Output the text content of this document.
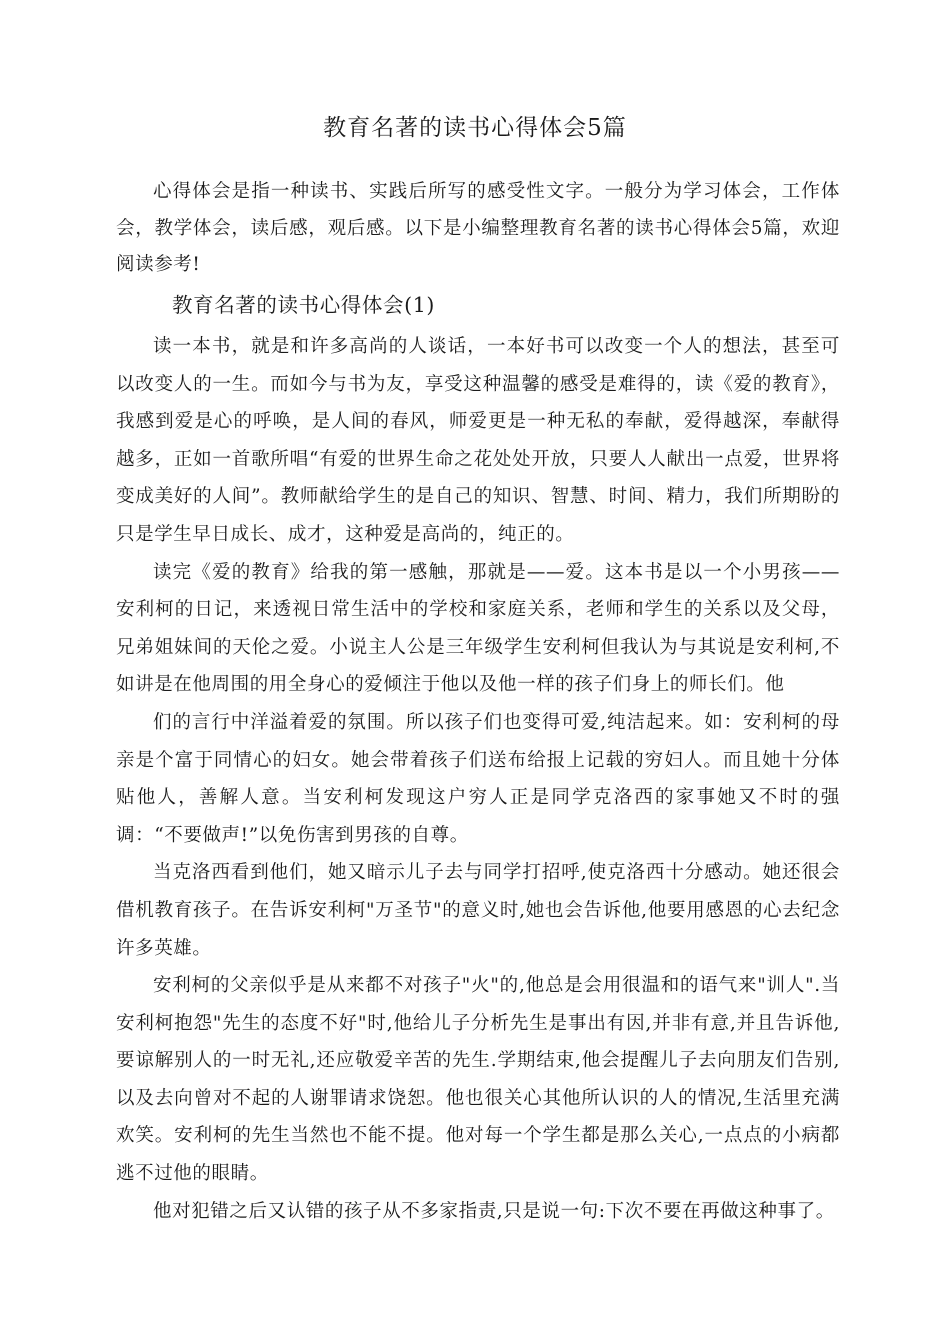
教育名著的读书心得体会5篇

心得体会是指一种读书、实践后所写的感受性文字。一般分为学习体会，工作体会，教学体会，读后感，观后感。以下是小编整理教育名著的读书心得体会5篇，欢迎阅读参考!

教育名著的读书心得体会(1)

读一本书，就是和许多高尚的人谈话，一本好书可以改变一个人的想法，甚至可以改变人的一生。而如今与书为友，享受这种温馨的感受是难得的，读《爱的教育》，我感到爱是心的呼唤，是人间的春风，师爱更是一种无私的奉献，爱得越深，奉献得越多，正如一首歌所唱“有爱的世界生命之花处处开放，只要人人献出一点爱，世界将变成美好的人间”。教师献给学生的是自己的知识、智慧、时间、精力，我们所期盼的只是学生早日成长、成才，这种爱是高尚的，纯正的。

读完《爱的教育》给我的第一感触，那就是——爱。这本书是以一个小男孩——安利柯的日记，来透视日常生活中的学校和家庭关系，老师和学生的关系以及父母，兄弟姐妹间的天伦之爱。小说主人公是三年级学生安利柯但我认为与其说是安利柯,不如讲是在他周围的用全身心的爱倾注于他以及他一样的孩子们身上的师长们。他

们的言行中洋溢着爱的氛围。所以孩子们也变得可爱,纯洁起来。如：安利柯的母亲是个富于同情心的妇女。她会带着孩子们送布给报上记载的穷妇人。而且她十分体贴他人，善解人意。当安利柯发现这户穷人正是同学克洛西的家事她又不时的强调：“不要做声!”以免伤害到男孩的自尊。

当克洛西看到他们，她又暗示儿子去与同学打招呼,使克洛西十分感动。她还很会借机教育孩子。在告诉安利柯"万圣节"的意义时,她也会告诉他,他要用感恩的心去纪念许多英雄。

安利柯的父亲似乎是从来都不对孩子"火"的,他总是会用很温和的语气来"训人".当安利柯抱怨"先生的态度不好"时,他给儿子分析先生是事出有因,并非有意,并且告诉他,要谅解别人的一时无礼,还应敬爱辛苦的先生.学期结束,他会提醒儿子去向朋友们告别,以及去向曾对不起的人谢罪请求饶恕。他也很关心其他所认识的人的情况,生活里充满欢笑。安利柯的先生当然也不能不提。他对每一个学生都是那么关心,一点点的小病都逃不过他的眼睛。

他对犯错之后又认错的孩子从不多家指责,只是说一句:下次不要在再做这种事了。
